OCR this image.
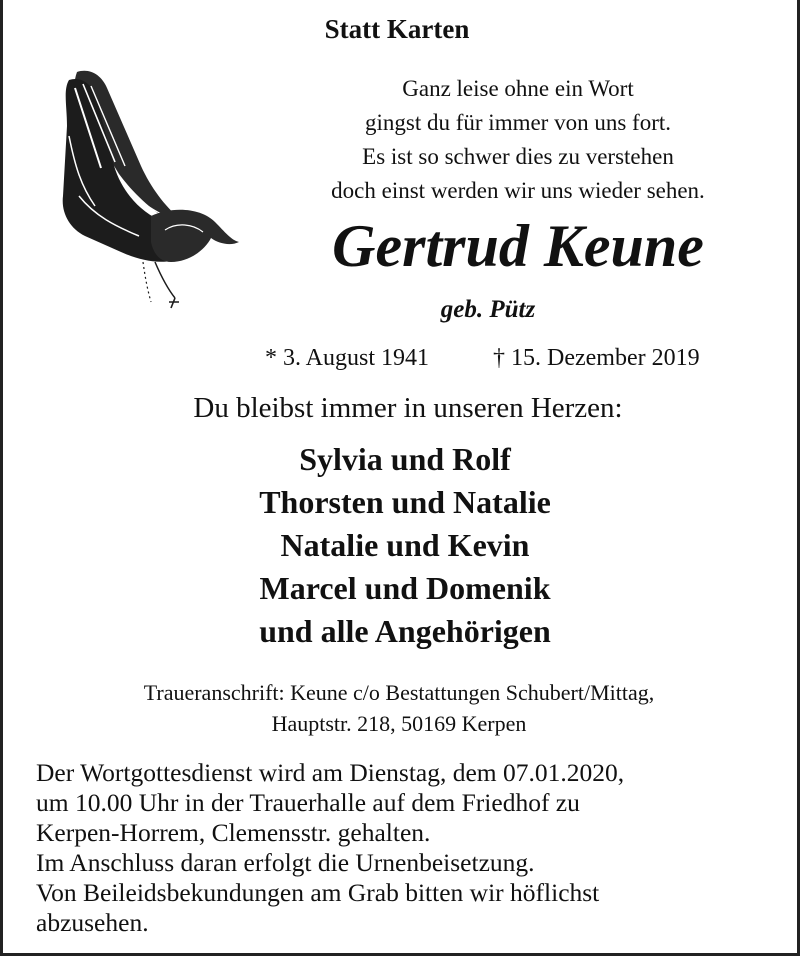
Statt Karten
Ganz leise ohne ein Wort
gingst du für immer von uns fort.
Es ist so schwer dies zu verstehen
doch einst werden wir uns wieder sehen.
Gertrud Keune
geb. Pütz
* 3. August 1941	† 15. Dezember 2019
Du bleibst immer in unseren Herzen:
Sylvia und Rolf
Thorsten und Natalie
Natalie und Kevin
Marcel und Domenik
und alle Angehörigen
Traueranschrift: Keune c/o Bestattungen Schubert/Mittag,
Hauptstr. 218, 50169 Kerpen
Der Wortgottesdienst wird am Dienstag, dem 07.01.2020,
um 10.00 Uhr in der Trauerhalle auf dem Friedhof zu
Kerpen-Horrem, Clemensstr. gehalten.
Im Anschluss daran erfolgt die Urnenbeisetzung.
Von Beileidsbekundungen am Grab bitten wir höflichst
abzusehen.
